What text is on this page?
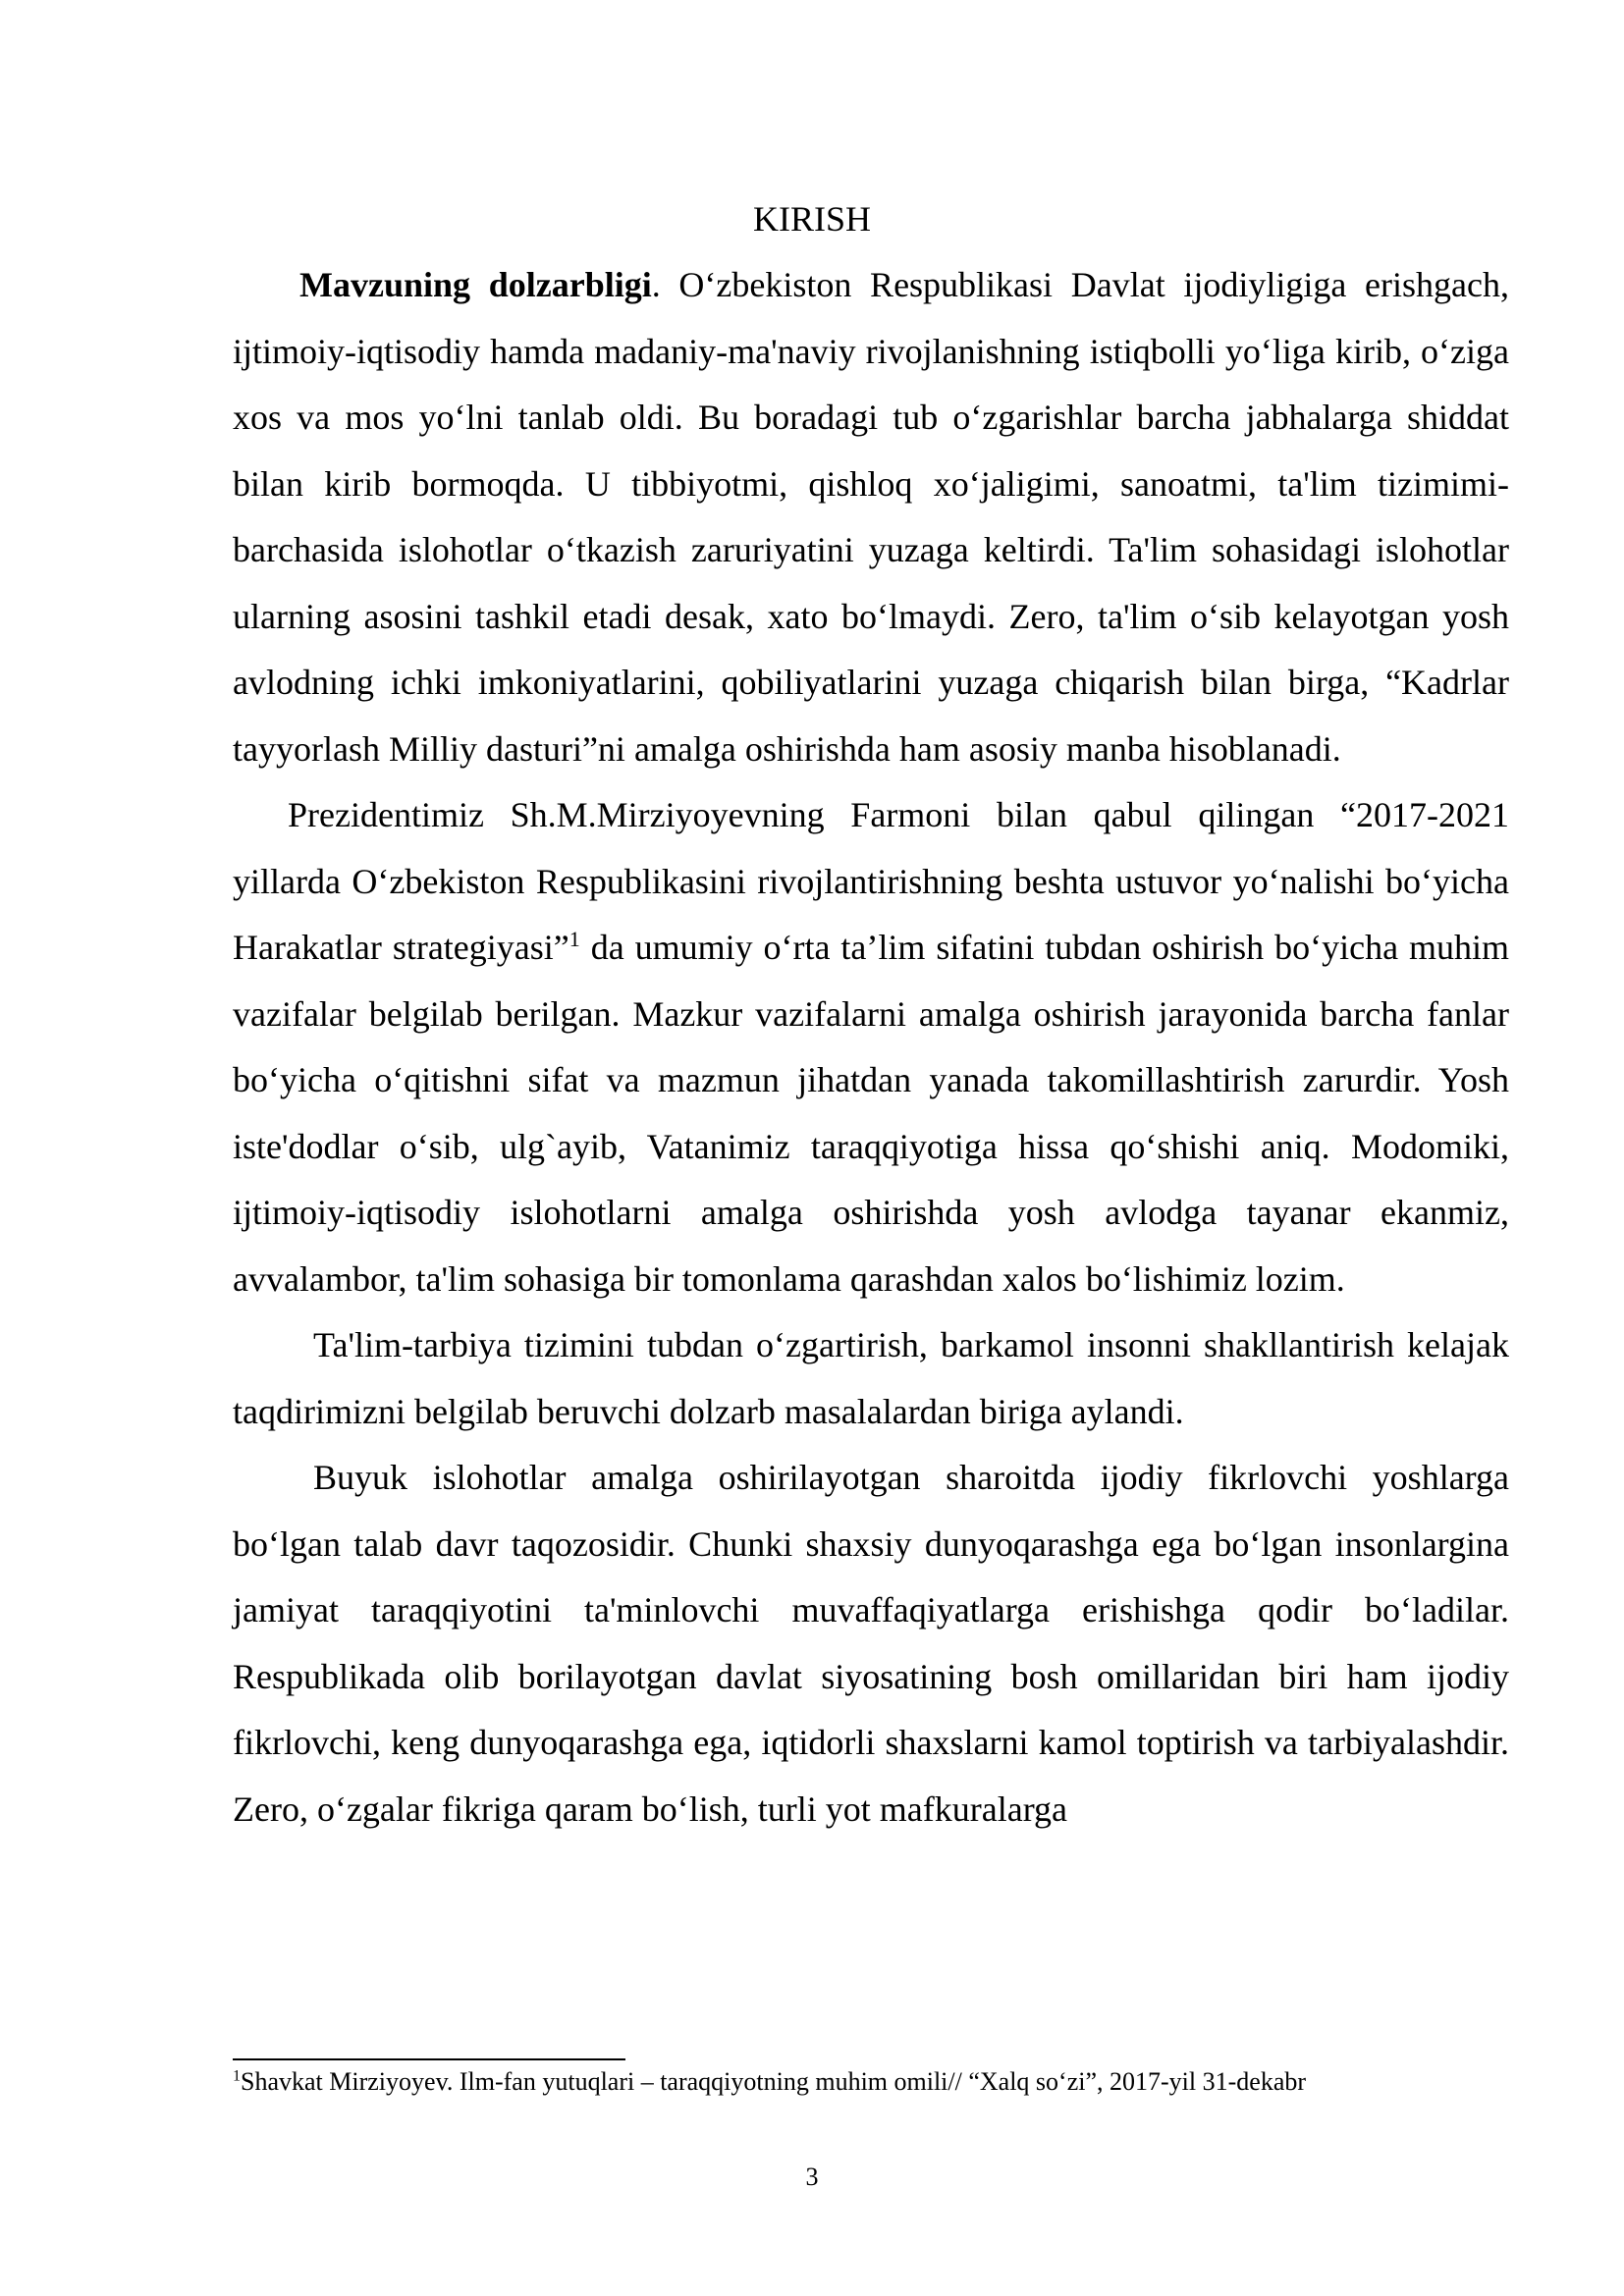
KIRISH

Mavzuning dolzarbligi. O‘zbekiston Respublikasi Davlat ijodiyligiga erishgach, ijtimoiy-iqtisodiy hamda madaniy-ma'naviy rivojlanishning istiqbolli yo‘liga kirib, o‘ziga xos va mos yo‘lni tanlab oldi. Bu boradagi tub o‘zgarishlar barcha jabhalarga shiddat bilan kirib bormoqda. U tibbiyotmi, qishloq xo‘jaligimi, sanoatmi, ta'lim tizimimi-barchasida islohotlar o‘tkazish zaruriyatini yuzaga keltirdi. Ta'lim sohasidagi islohotlar ularning asosini tashkil etadi desak, xato bo‘lmaydi. Zero, ta'lim o‘sib kelayotgan yosh avlodning ichki imkoniyatlarini, qobiliyatlarini yuzaga chiqarish bilan birga, “Kadrlar tayyorlash Milliy dasturi”ni amalga oshirishda ham asosiy manba hisoblanadi.

Prezidentimiz Sh.M.Mirziyoyevning Farmoni bilan qabul qilingan “2017-2021 yillarda O‘zbekiston Respublikasini rivojlantirishning beshta ustuvor yo‘nalishi bo‘yicha Harakatlar strategiyasi”$^1$ da umumiy o‘rta ta’lim sifatini tubdan oshirish bo‘yicha muhim vazifalar belgilab berilgan. Mazkur vazifalarni amalga oshirish jarayonida barcha fanlar bo‘yicha o‘qitishni sifat va mazmun jihatdan yanada takomillashtirish zarurdir. Yosh iste'dodlar o‘sib, ulg`ayib, Vatanimiz taraqqiyotiga hissa qo‘shishi aniq. Modomiki, ijtimoiy-iqtisodiy islohotlarni amalga oshirishda yosh avlodga tayanar ekanmiz, avvalambor, ta'lim sohasiga bir tomonlama qarashdan xalos bo‘lishimiz lozim.

Ta'lim-tarbiya tizimini tubdan o‘zgartirish, barkamol insonni shakllantirish kelajak taqdirimizni belgilab beruvchi dolzarb masalalardan biriga aylandi.

Buyuk islohotlar amalga oshirilayotgan sharoitda ijodiy fikrlovchi yoshlarga bo‘lgan talab davr taqozosidir. Chunki shaxsiy dunyoqarashga ega bo‘lgan insonlargina jamiyat taraqqiyotini ta'minlovchi muvaffaqiyatlarga erishishga qodir bo‘ladilar. Respublikada olib borilayotgan davlat siyosatining bosh omillaridan biri ham ijodiy fikrlovchi, keng dunyoqarashga ega, iqtidorli shaxslarni kamol toptirish va tarbiyalashdir. Zero, o‘zgalar fikriga qaram bo‘lish, turli yot mafkuralarga

$^1$Shavkat Mirziyoyev. Ilm-fan yutuqlari – taraqqiyotning muhim omili// “Xalq so‘zi”, 2017-yil 31-dekabr
3
